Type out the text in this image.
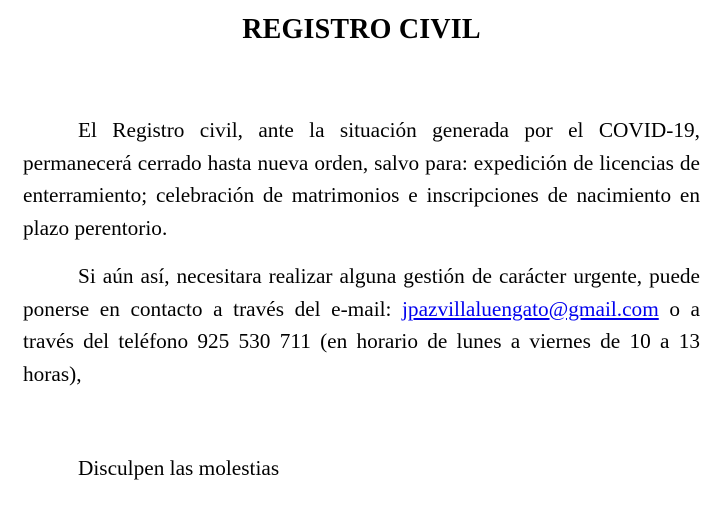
REGISTRO CIVIL

El Registro civil, ante la situación generada por el COVID-19, permanecerá cerrado hasta nueva orden, salvo para: expedición de licencias de enterramiento; celebración de matrimonios e inscripciones de nacimiento en plazo perentorio.

Si aún así, necesitara realizar alguna gestión de carácter urgente, puede ponerse en contacto a través del e-mail: jpazvillaluengato@gmail.com o a través del teléfono 925 530 711 (en horario de lunes a viernes de 10 a 13 horas),

Disculpen las molestias
